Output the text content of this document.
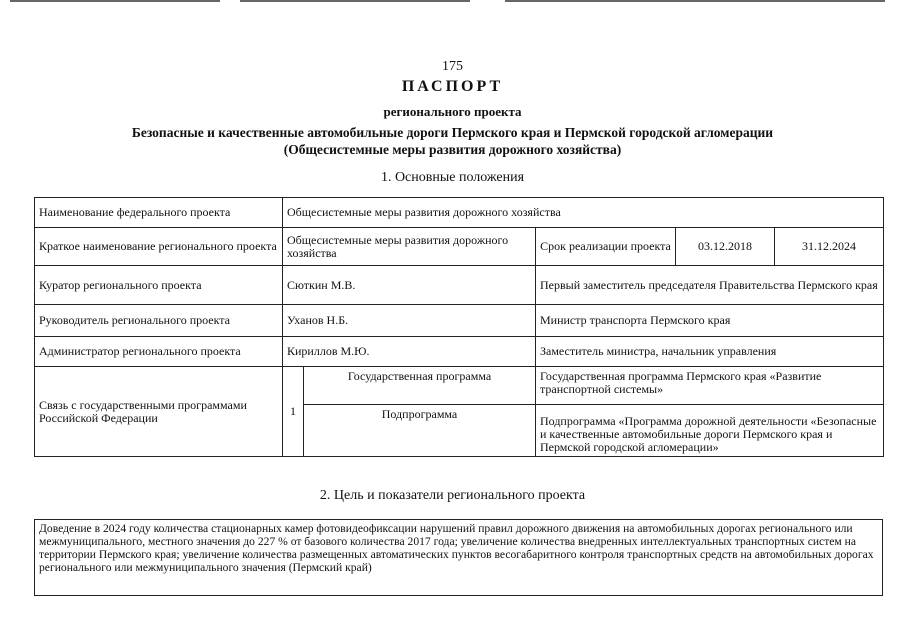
175
ПАСПОРТ
регионального проекта
Безопасные и качественные автомобильные дороги Пермского края и Пермской городской агломерации
(Общесистемные меры развития дорожного хозяйства)
1. Основные положения
Наименование федерального проекта	Общесистемные меры развития дорожного хозяйства				
Краткое наименование регионального проекта	Общесистемные меры развития дорожного хозяйства		Срок реализации проекта	03.12.2018	31.12.2024
Куратор регионального проекта	Сюткин М.В.		Первый заместитель председателя Правительства Пермского края		
Руководитель регионального проекта	Уханов Н.Б.		Министр транспорта Пермского края		
Администратор регионального проекта	Кириллов М.Ю.		Заместитель министра, начальник управления		
Связь с государственными программами Российской Федерации	1	Государственная программа	Государственная программа Пермского края «Развитие транспортной системы»		
		Подпрограмма	Подпрограмма «Программа дорожной деятельности «Безопасные и качественные автомобильные дороги Пермского края и Пермской городской агломерации»		
2. Цель и показатели регионального проекта
Доведение в 2024 году количества стационарных камер фотовидеофиксации нарушений правил дорожного движения на автомобильных дорогах регионального или межмуниципального, местного значения до 227 % от базового количества 2017 года; увеличение количества внедренных интеллектуальных транспортных систем на территории Пермского края; увеличение количества размещенных автоматических пунктов весогабаритного контроля транспортных средств на автомобильных дорогах регионального или межмуниципального значения (Пермский край)
